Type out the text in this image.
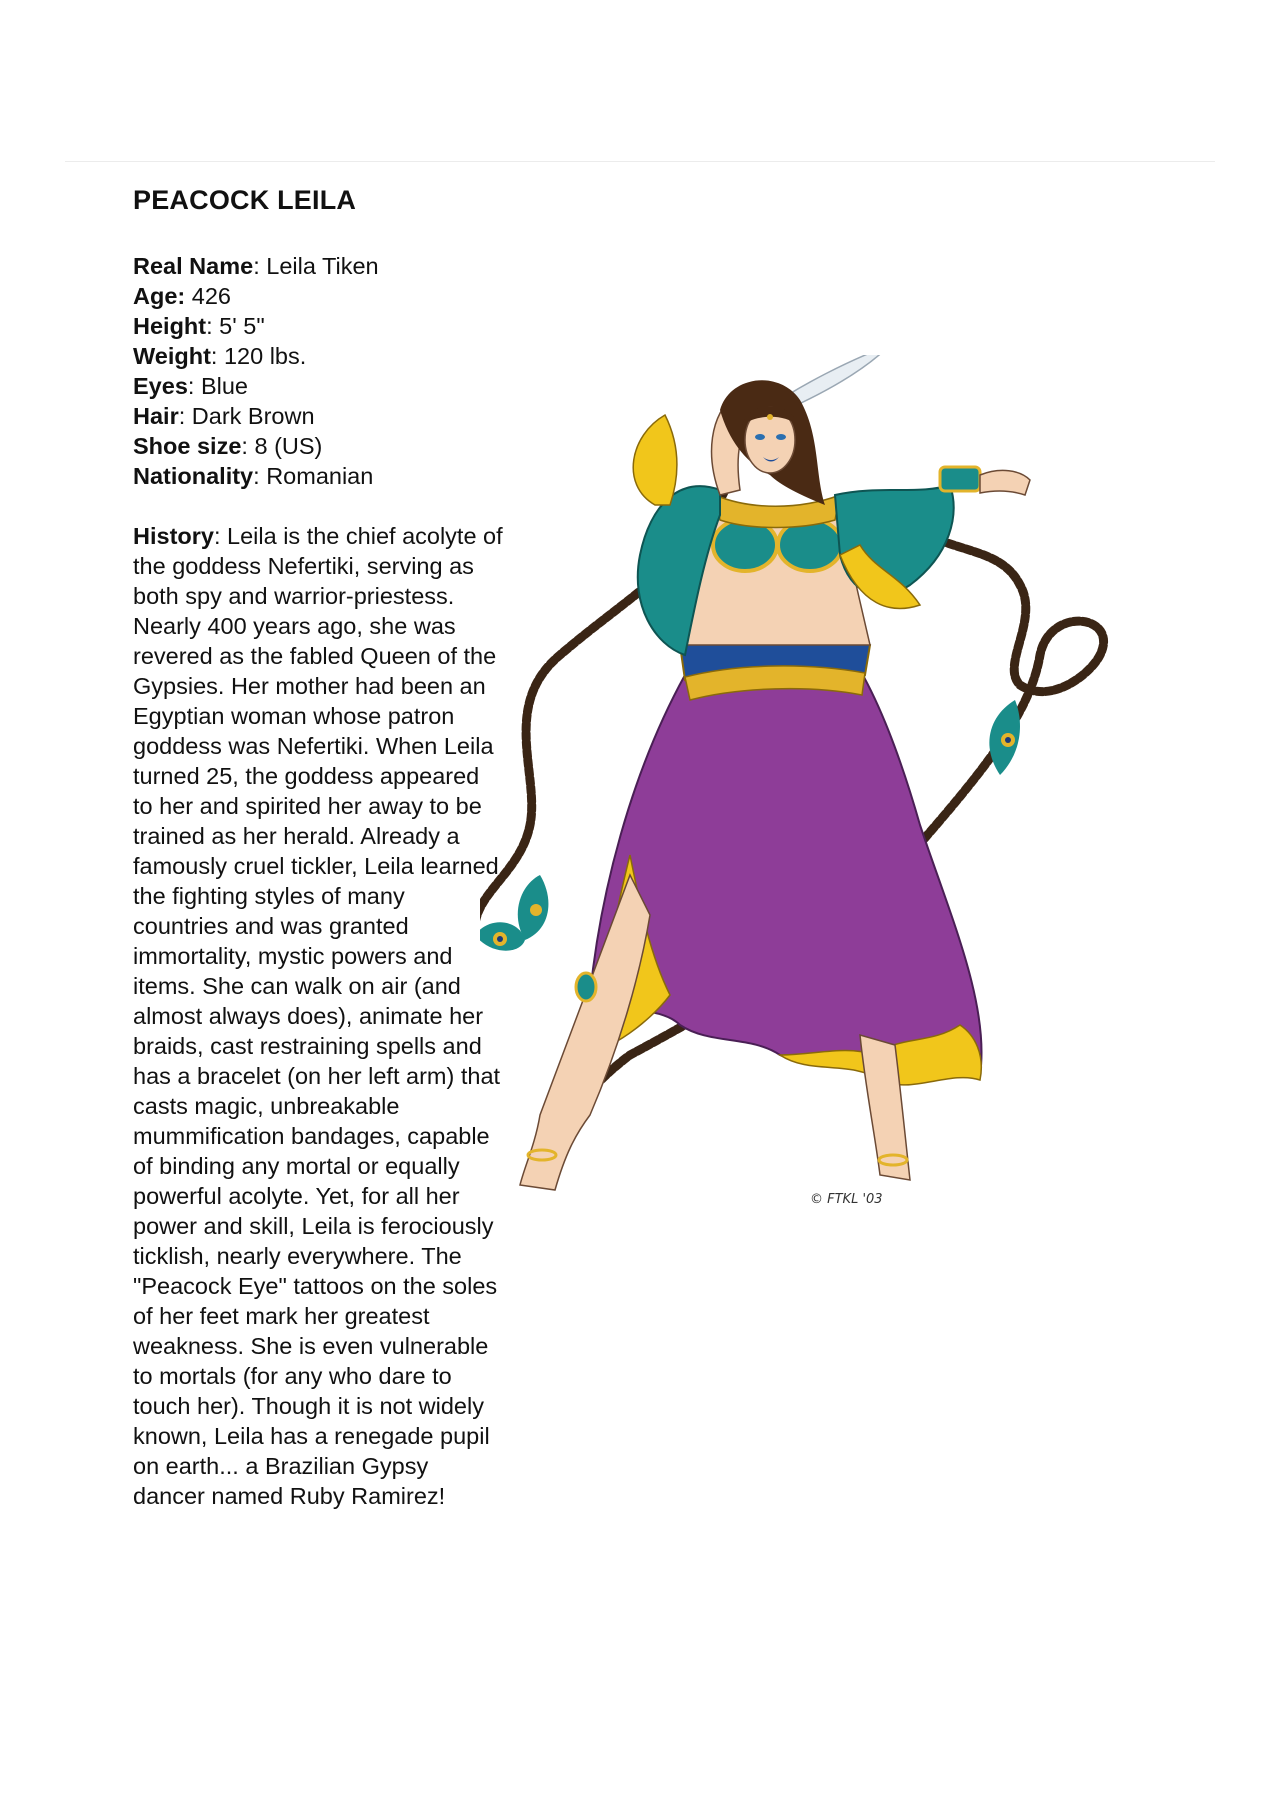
PEACOCK LEILA
Real Name: Leila Tiken
Age: 426
Height: 5' 5"
Weight: 120 lbs.
Eyes: Blue
Hair: Dark Brown
Shoe size: 8 (US)
Nationality: Romanian
History: Leila is the chief acolyte of the goddess Nefertiki, serving as both spy and warrior-priestess. Nearly 400 years ago, she was revered as the fabled Queen of the Gypsies. Her mother had been an Egyptian woman whose patron goddess was Nefertiki. When Leila turned 25, the goddess appeared to her and spirited her away to be trained as her herald. Already a famously cruel tickler, Leila learned the fighting styles of many countries and was granted immortality, mystic powers and items. She can walk on air (and almost always does), animate her braids, cast restraining spells and has a bracelet (on her left arm) that casts magic, unbreakable mummification bandages, capable of binding any mortal or equally powerful acolyte. Yet, for all her power and skill, Leila is ferociously ticklish, nearly everywhere. The "Peacock Eye" tattoos on the soles of her feet mark her greatest weakness. She is even vulnerable to mortals (for any who dare to touch her). Though it is not widely known, Leila has a renegade pupil on earth... a Brazilian Gypsy dancer named Ruby Ramirez!
© FTKL '03
